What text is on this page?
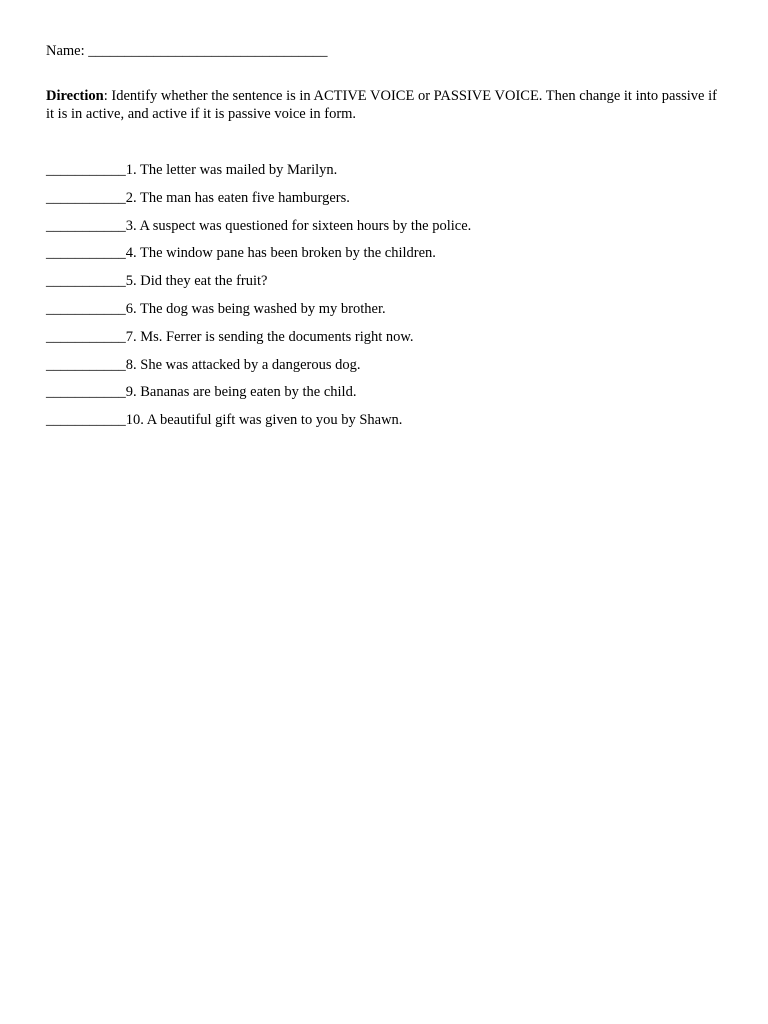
Name: _________________________________
Direction: Identify whether the sentence is in ACTIVE VOICE or PASSIVE VOICE. Then change it into passive if it is in active, and active if it is passive voice in form.
___________1. The letter was mailed by Marilyn.
___________2. The man has eaten five hamburgers.
___________3. A suspect was questioned for sixteen hours by the police.
___________4. The window pane has been broken by the children.
___________5. Did they eat the fruit?
___________6. The dog was being washed by my brother.
___________7. Ms. Ferrer is sending the documents right now.
___________8. She was attacked by a dangerous dog.
___________9. Bananas are being eaten by the child.
___________10. A beautiful gift was given to you by Shawn.
